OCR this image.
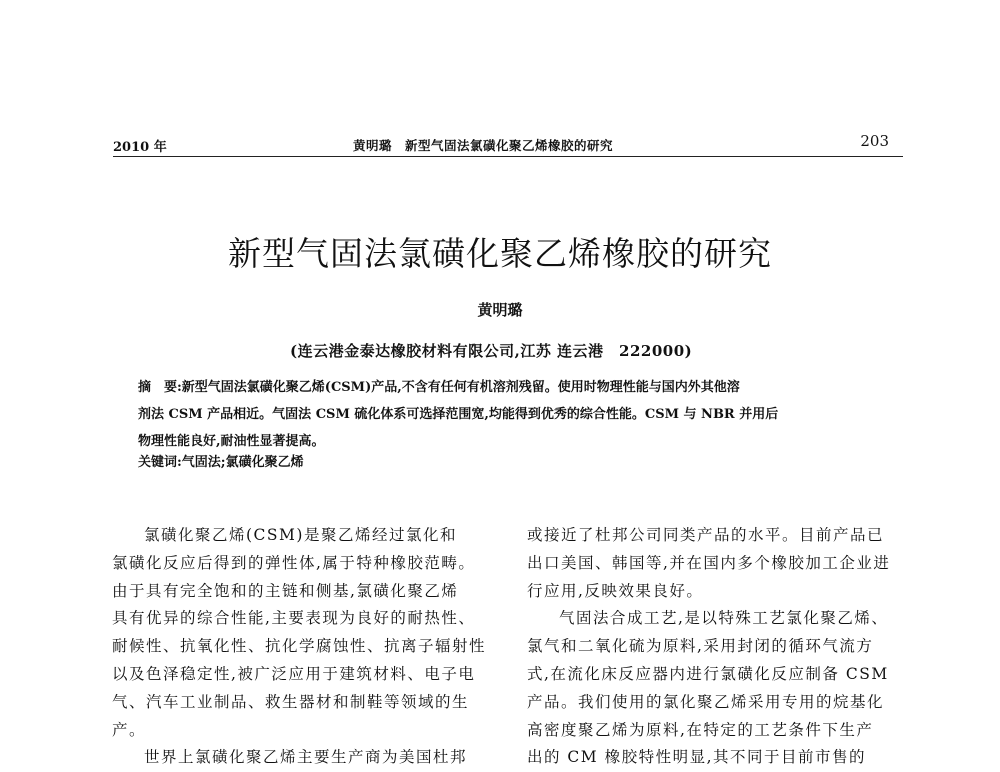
2010 年	黄明璐　新型气固法氯磺化聚乙烯橡胶的研究	203
新型气固法氯磺化聚乙烯橡胶的研究
黄明璐
(连云港金泰达橡胶材料有限公司,江苏 连云港　222000)
摘　要:新型气固法氯磺化聚乙烯(CSM)产品,不含有任何有机溶剂残留。使用时物理性能与国内外其他溶
剂法 CSM 产品相近。气固法 CSM 硫化体系可选择范围宽,均能得到优秀的综合性能。CSM 与 NBR 并用后
物理性能良好,耐油性显著提高。
关键词:气固法;氯磺化聚乙烯
氯磺化聚乙烯(CSM)是聚乙烯经过氯化和
氯磺化反应后得到的弹性体,属于特种橡胶范畴。
由于具有完全饱和的主链和侧基,氯磺化聚乙烯
具有优异的综合性能,主要表现为良好的耐热性、
耐候性、抗氧化性、抗化学腐蚀性、抗离子辐射性
以及色泽稳定性,被广泛应用于建筑材料、电子电
气、汽车工业制品、救生器材和制鞋等领域的生
产。
世界上氯磺化聚乙烯主要生产商为美国杜邦
或接近了杜邦公司同类产品的水平。目前产品已
出口美国、韩国等,并在国内多个橡胶加工企业进
行应用,反映效果良好。
气固法合成工艺,是以特殊工艺氯化聚乙烯、
氯气和二氧化硫为原料,采用封闭的循环气流方
式,在流化床反应器内进行氯磺化反应制备 CSM
产品。我们使用的氯化聚乙烯采用专用的烷基化
高密度聚乙烯为原料,在特定的工艺条件下生产
出的 CM 橡胶特性明显,其不同于目前市售的
